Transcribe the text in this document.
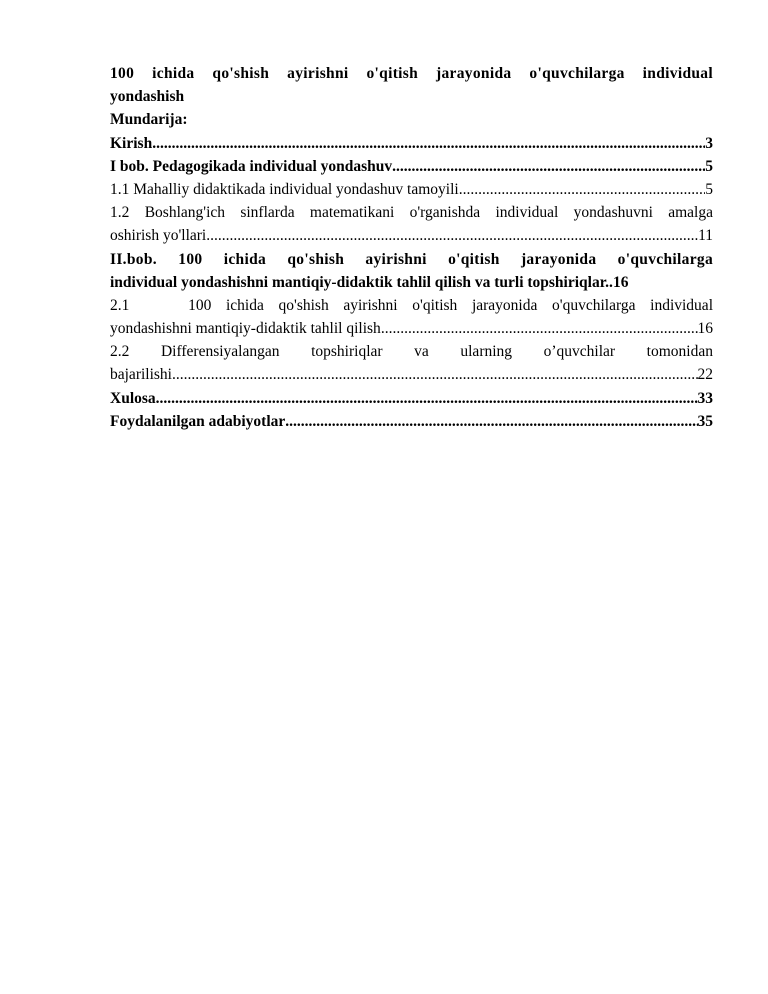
100 ichida qo'shish ayirishni o'qitish jarayonida o'quvchilarga individual
yondashish
Mundarija:
Kirish .....	3
I bob. Pedagogikada individual yondashuv .....	5
1.1 Mahalliy didaktikada individual yondashuv tamoyili .....	5
1.2 Boshlang'ich sinflarda matematikani o'rganishda individual yondashuvni amalga
oshirish yo'llari .....	11
II.bob. 100 ichida qo'shish ayirishni o'qitish jarayonida o'quvchilarga
individual yondashishni mantiqiy-didaktik tahlil qilish va turli topshiriqlar.. 16
2.1    100 ichida qo'shish ayirishni o'qitish jarayonida o'quvchilarga individual
yondashishni mantiqiy-didaktik tahlil qilish .....	16
2.2 Differensiyalangan topshiriqlar va ularning o’quvchilar tomonidan
bajarilishi .....	22
Xulosa .....	33
Foydalanilgan adabiyotlar .....	35
